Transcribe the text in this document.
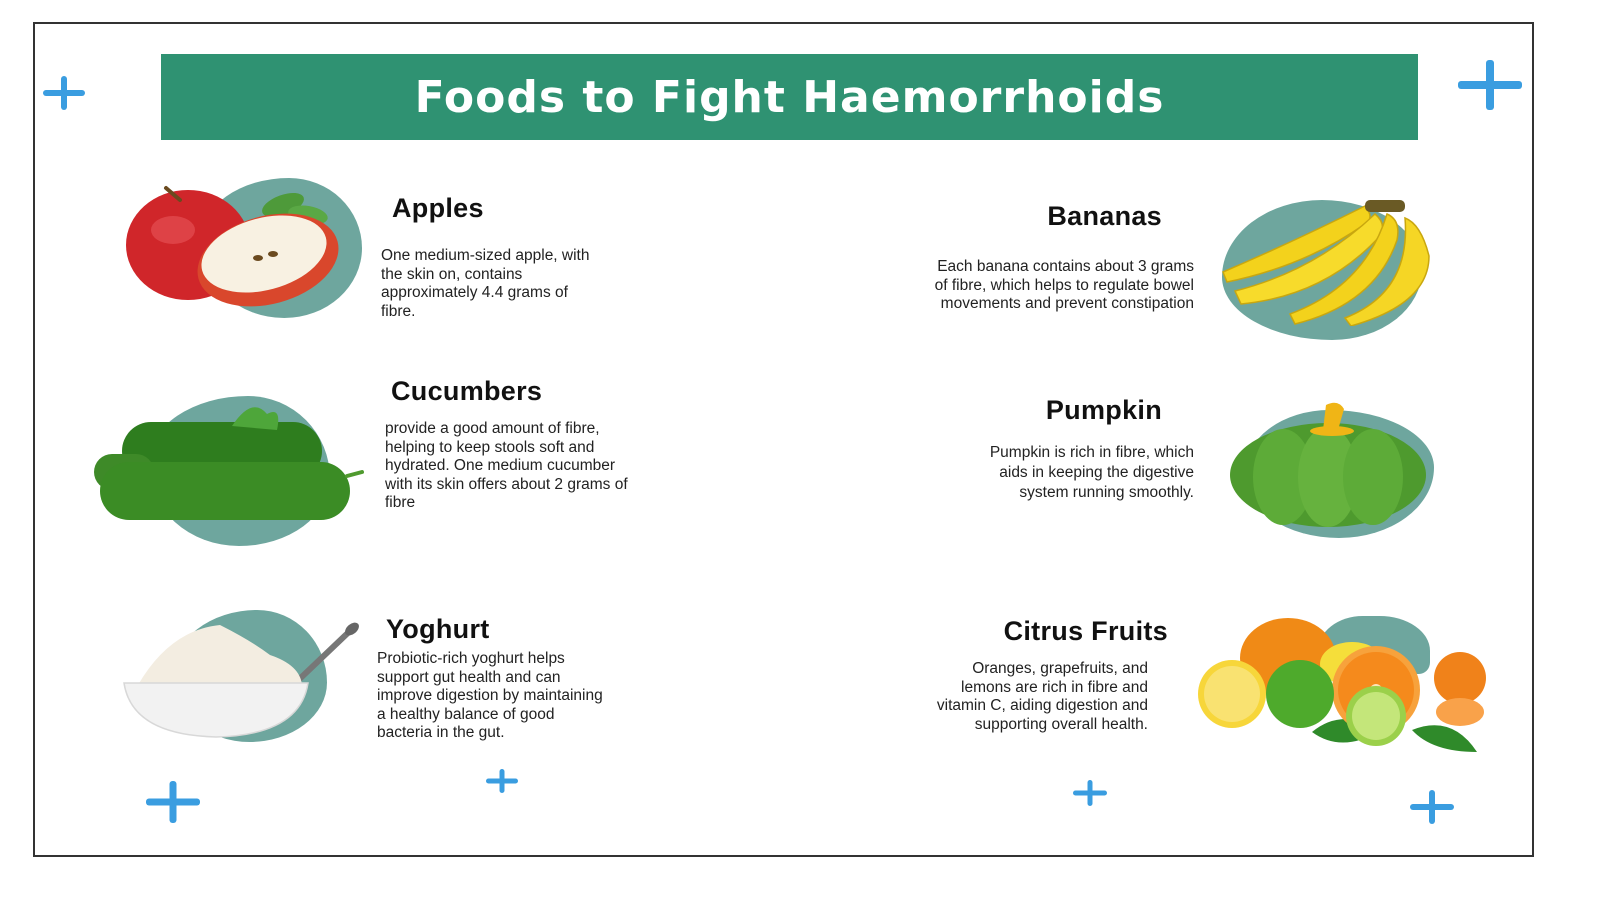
Foods to Fight Haemorrhoids
Apples
One medium-sized apple, with
the skin on, contains
approximately 4.4 grams of
fibre.
Bananas
Each banana contains about 3 grams
of fibre, which helps to regulate bowel
movements and prevent constipation
Cucumbers
provide a good amount of fibre,
helping to keep stools soft and
hydrated. One medium cucumber
with its skin offers about 2 grams of
fibre
Pumpkin
Pumpkin is rich in fibre, which
aids in keeping the digestive
system running smoothly.
Yoghurt
Probiotic-rich yoghurt helps
support gut health and can
improve digestion by maintaining
a healthy balance of good
bacteria in the gut.
Citrus Fruits
Oranges, grapefruits, and
lemons are rich in fibre and
vitamin C, aiding digestion and
supporting overall health.
